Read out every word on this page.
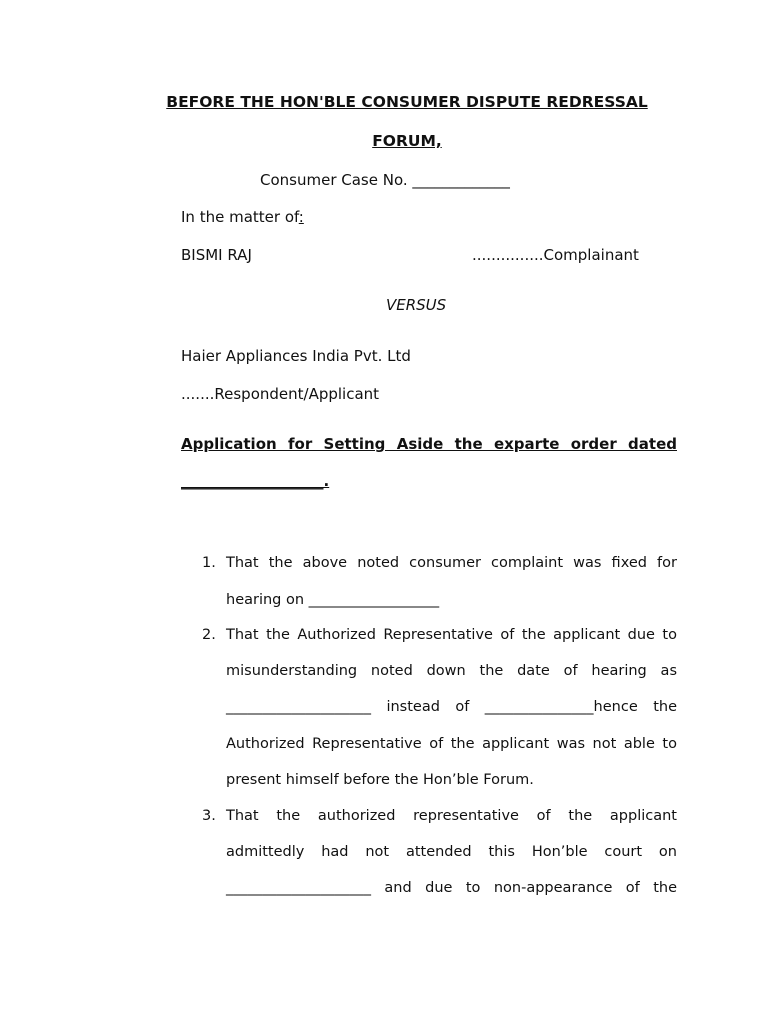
BEFORE THE HON'BLE CONSUMER DISPUTE REDRESSAL
FORUM,
Consumer Case No. _____________
In the matter of:
BISMI RAJ	...............Complainant
VERSUS
Haier Appliances India Pvt. Ltd
.......Respondent/Applicant
Application for Setting Aside the exparte order dated
___________________.
1. That the above noted consumer complaint was fixed for
hearing on __________________
2. That the Authorized Representative of the applicant due to
misunderstanding noted down the date of hearing as
____________________ instead of _______________hence the
Authorized Representative of the applicant was not able to
present himself before the Hon’ble Forum.
3. That the authorized representative of the applicant
admittedly had not attended this Hon’ble court on
____________________ and due to non-appearance of the
